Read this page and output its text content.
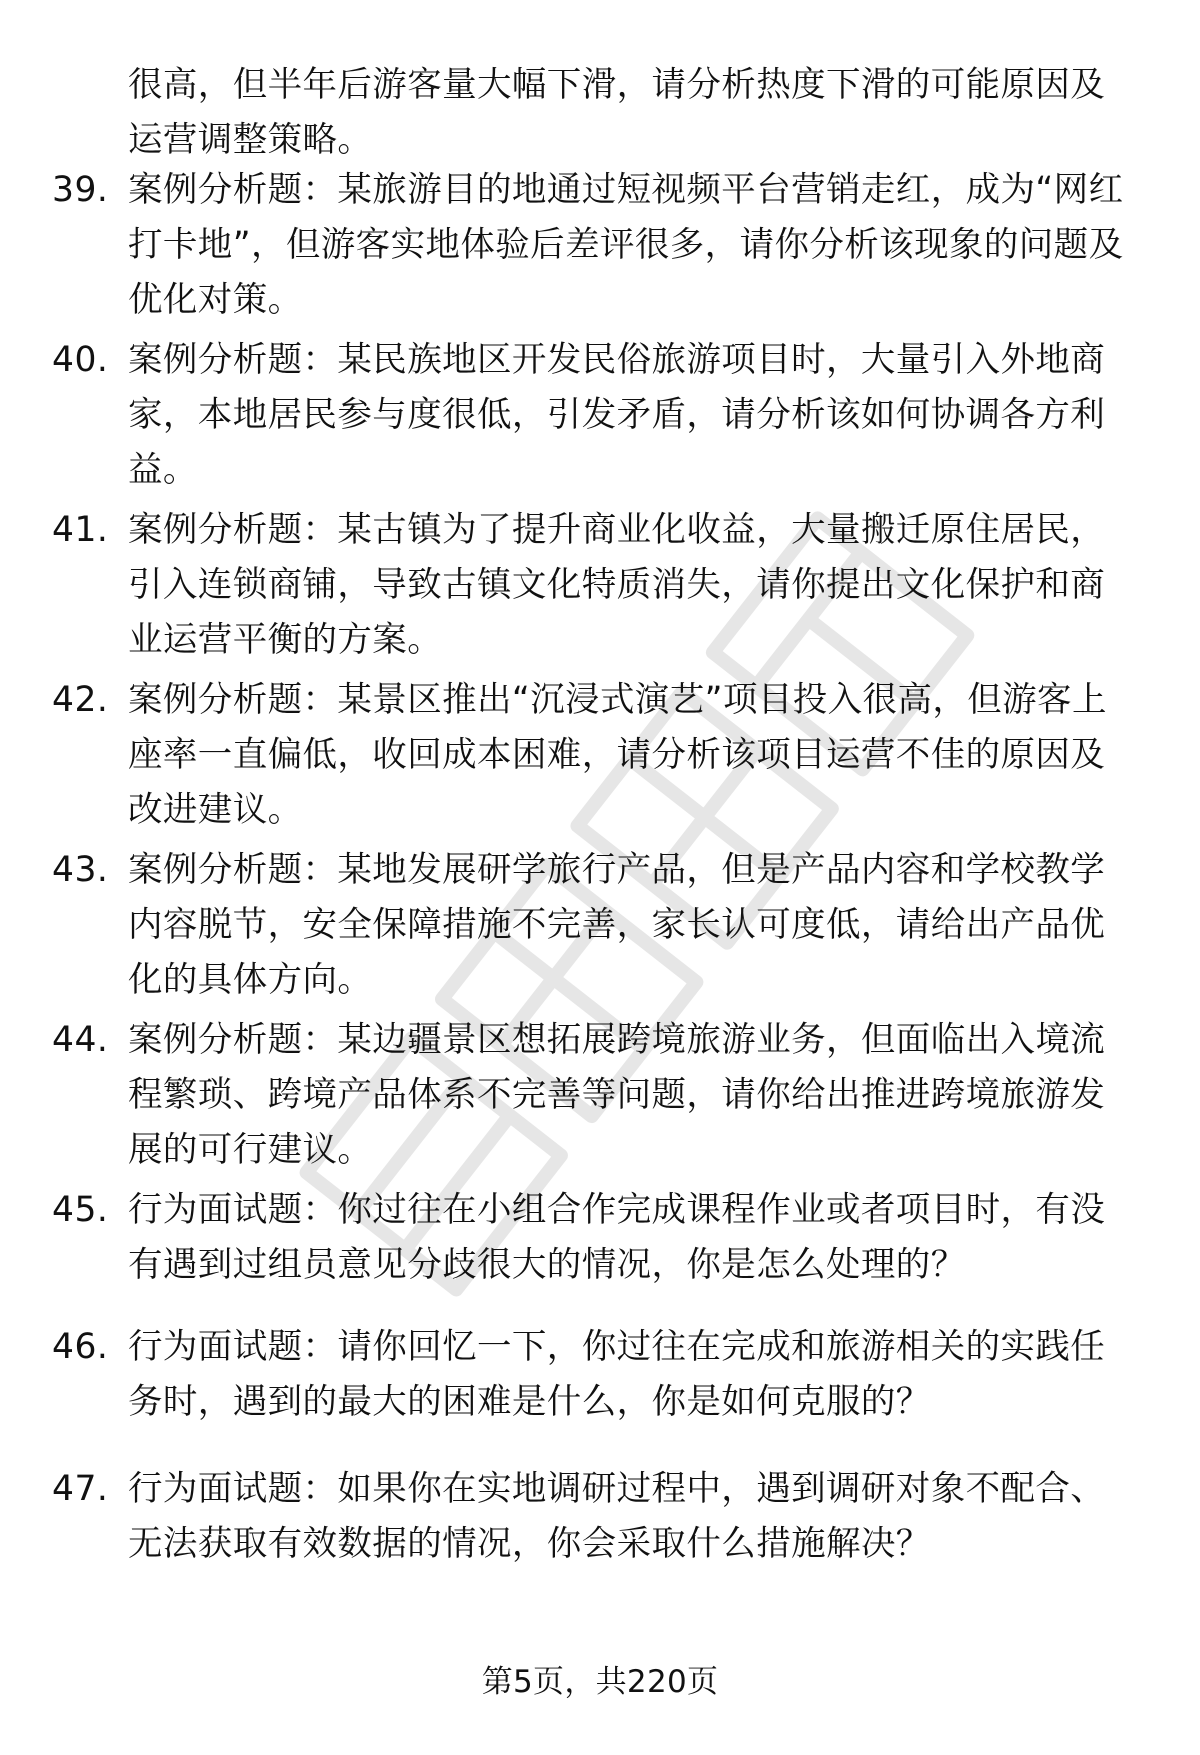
很高，但半年后游客量大幅下滑，请分析热度下滑的可能原因及运营调整策略。
39. 案例分析题：某旅游目的地通过短视频平台营销走红，成为“网红打卡地”，但游客实地体验后差评很多，请你分析该现象的问题及优化对策。
40. 案例分析题：某民族地区开发民俗旅游项目时，大量引入外地商家，本地居民参与度很低，引发矛盾，请分析该如何协调各方利益。
41. 案例分析题：某古镇为了提升商业化收益，大量搬迁原住居民，引入连锁商铺，导致古镇文化特质消失，请你提出文化保护和商业运营平衡的方案。
42. 案例分析题：某景区推出“沉浸式演艺”项目投入很高，但游客上座率一直偏低，收回成本困难，请分析该项目运营不佳的原因及改进建议。
43. 案例分析题：某地发展研学旅行产品，但是产品内容和学校教学内容脱节，安全保障措施不完善，家长认可度低，请给出产品优化的具体方向。
44. 案例分析题：某边疆景区想拓展跨境旅游业务，但面临出入境流程繁琐、跨境产品体系不完善等问题，请你给出推进跨境旅游发展的可行建议。
45. 行为面试题：你过往在小组合作完成课程作业或者项目时，有没有遇到过组员意见分歧很大的情况，你是怎么处理的？
46. 行为面试题：请你回忆一下，你过往在完成和旅游相关的实践任务时，遇到的最大的困难是什么，你是如何克服的？
47. 行为面试题：如果你在实地调研过程中，遇到调研对象不配合、无法获取有效数据的情况，你会采取什么措施解决？
第5页，共220页
